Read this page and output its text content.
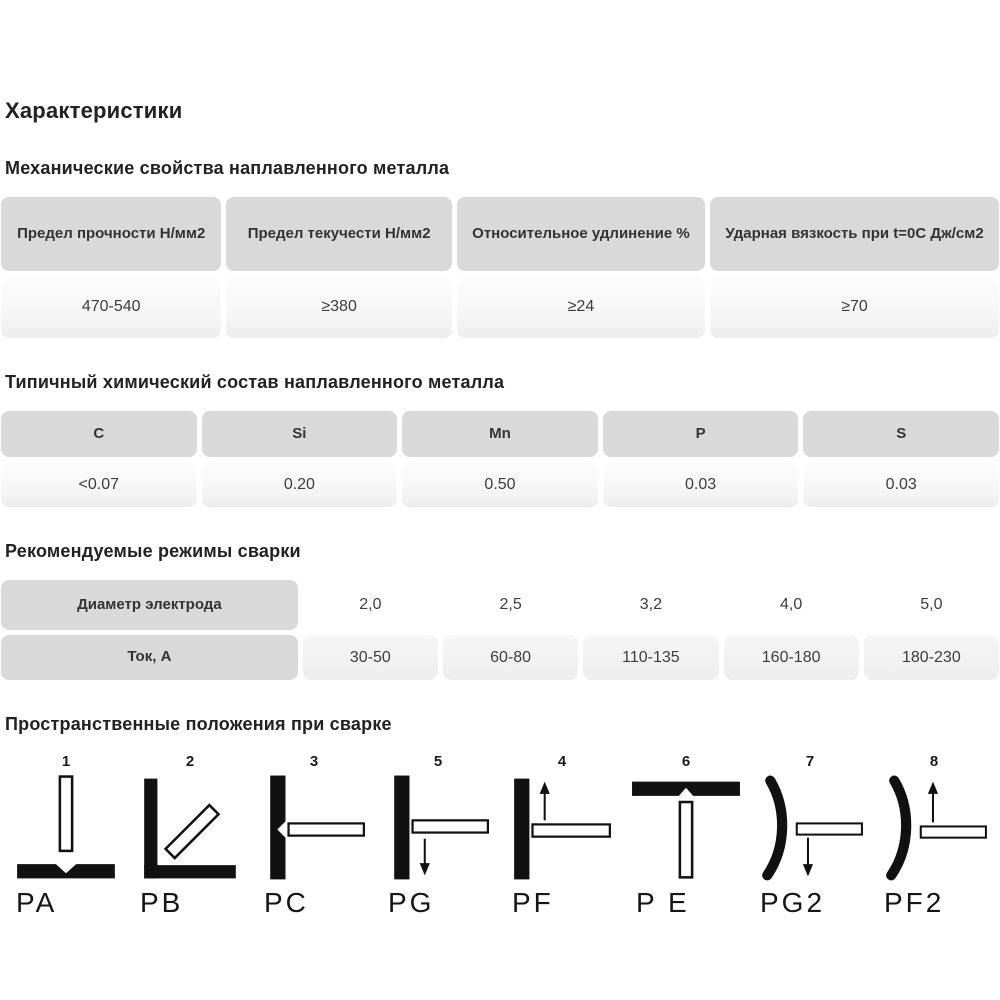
Характеристики
Механические свойства наплавленного металла
Предел прочности Н/мм2	Предел текучести Н/мм2	Относительное удлинение %	Ударная вязкость при t=0C Дж/см2
470-540	≥380	≥24	≥70
Типичный химический состав наплавленного металла
C	Si	Mn	P	S
<0.07	0.20	0.50	0.03	0.03
Рекомендуемые режимы сварки
Диаметр электрода	2,0	2,5	3,2	4,0	5,0
Ток, А	30-50	60-80	110-135	160-180	180-230
Пространственные положения при сварке
1
PA
2
PB
3
PC
5
PG
4
PF
6
P E
7
PG2
8
PF2
